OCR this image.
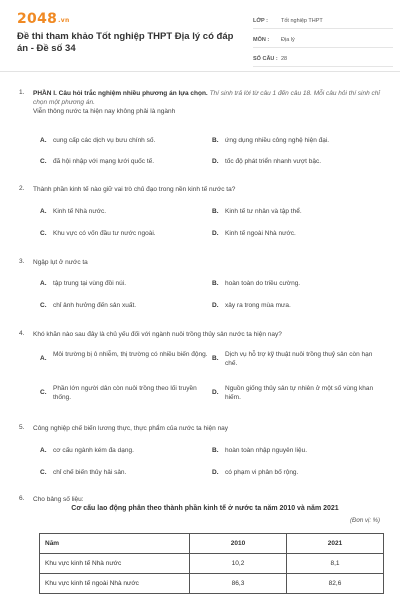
2048.vn
Đề thi tham khảo Tốt nghiệp THPT Địa lý có đáp án - Đề số 34
LỚP :	Tốt nghiệp THPT
MÔN :	Địa lý
SỐ CÂU : 28
1. PHẦN I. Câu hỏi trắc nghiệm nhiều phương án lựa chọn. Thí sinh trả lời từ câu 1 đến câu 18. Mỗi câu hỏi thí sinh chỉ chọn một phương án.
Viễn thông nước ta hiện nay không phải là ngành
A. cung cấp các dịch vụ bưu chính số.	B. ứng dụng nhiều công nghệ hiện đại.
C. đã hội nhập với mạng lưới quốc tế.	D. tốc độ phát triển nhanh vượt bậc.
2. Thành phần kinh tế nào giữ vai trò chủ đạo trong nền kinh tế nước ta?
A. Kinh tế Nhà nước.	B. Kinh tế tư nhân và tập thể.
C. Khu vực có vốn đầu tư nước ngoài.	D. Kinh tế ngoài Nhà nước.
3. Ngập lụt ở nước ta
A. tập trung tại vùng đồi núi.	B. hoàn toàn do triều cường.
C. chỉ ảnh hưởng đến sản xuất.	D. xảy ra trong mùa mưa.
4. Khó khăn nào sau đây là chủ yếu đối với ngành nuôi trồng thủy sản nước ta hiện nay?
A.
Môi trường bị ô nhiễm, thị trường có nhiều biến động.
B.
Dịch vụ hỗ trợ kỹ thuật nuôi trồng thuỷ sản còn hạn chế.
C.
Phần lớn người dân còn nuôi trồng theo lối truyền thống.
D.
Nguồn giống thủy sản tự nhiên ở một số vùng khan hiếm.
5. Công nghiệp chế biến lương thực, thực phẩm của nước ta hiện nay
A. cơ cấu ngành kém đa dạng.	B. hoàn toàn nhập nguyên liệu.
C. chỉ chế biến thủy hải sản.	D. có phạm vi phân bố rộng.
6. Cho bảng số liệu:
Cơ cấu lao động phân theo thành phần kinh tế ở nước ta năm 2010 và năm 2021
(Đơn vị: %)
Năm	2010	2021
Khu vực kinh tế Nhà nước	10,2	8,1
Khu vực kinh tế ngoài Nhà nước	86,3	82,6
